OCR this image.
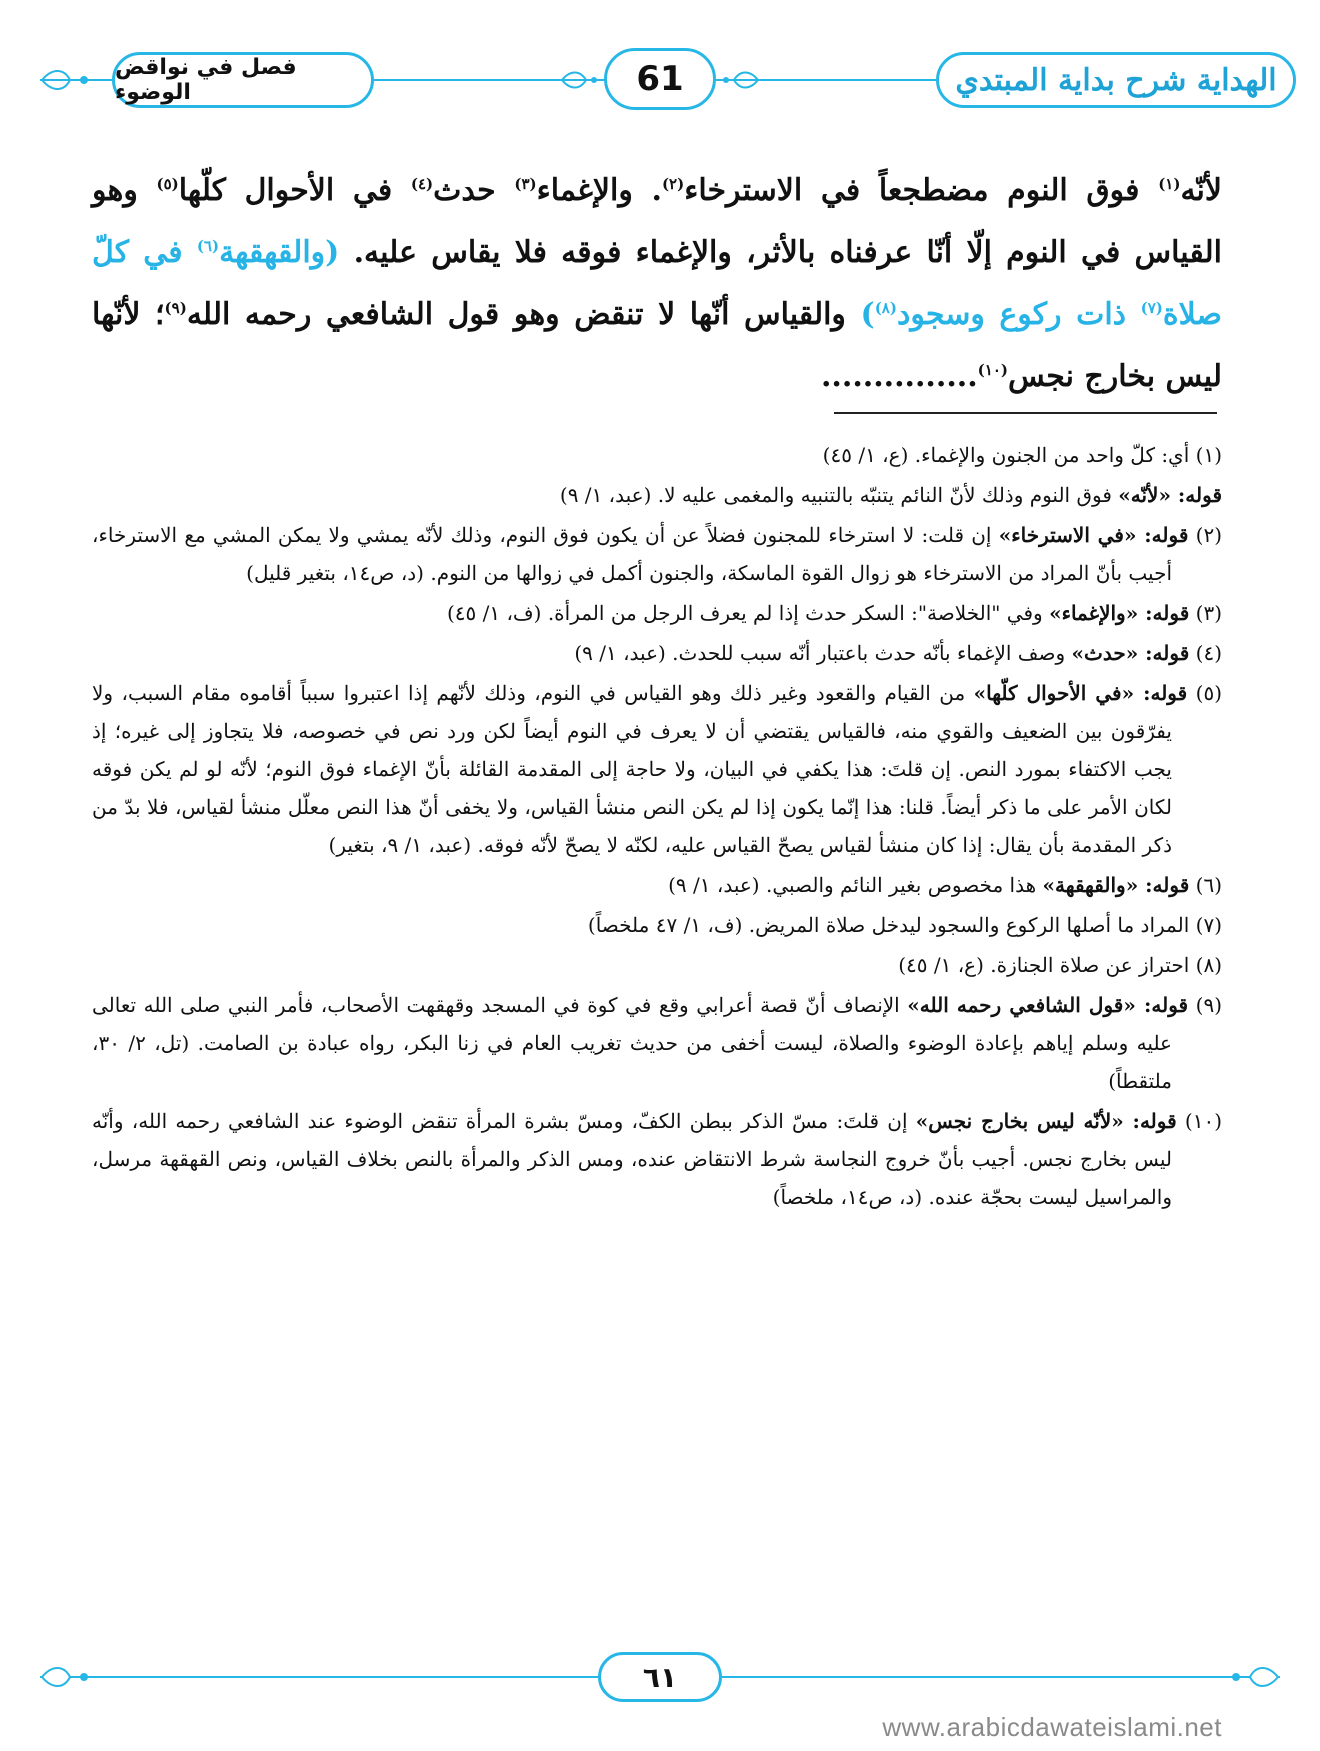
الهداية شرح بداية المبتدي
61
فصل في نواقض الوضوء

لأنّه$^{(١)}$ فوق النوم مضطجعاً في الاسترخاء$^{(٢)}$. والإغماء$^{(٣)}$ حدث$^{(٤)}$ في الأحوال كلّها$^{(٥)}$ وهو القياس في النوم إلّا أنّا عرفناه بالأثر، والإغماء فوقه فلا يقاس عليه. (والقهقهة$^{(٦)}$ في كلّ صلاة$^{(٧)}$ ذات ركوع وسجود$^{(٨)}$) والقياس أنّها لا تنقض وهو قول الشافعي رحمه الله$^{(٩)}$؛ لأنّها ليس بخارج نجس$^{(١٠)}$...............

(١) أي: كلّ واحد من الجنون والإغماء. (ع، ١/ ٤٥)

قوله: «لأنّه» فوق النوم وذلك لأنّ النائم يتنبّه بالتنبيه والمغمى عليه لا. (عبد، ١/ ٩)

(٢) قوله: «في الاسترخاء» إن قلت: لا استرخاء للمجنون فضلاً عن أن يكون فوق النوم، وذلك لأنّه يمشي ولا يمكن المشي مع الاسترخاء، أجيب بأنّ المراد من الاسترخاء هو زوال القوة الماسكة، والجنون أكمل في زوالها من النوم. (د، ص١٤، بتغير قليل)

(٣) قوله: «والإغماء» وفي "الخلاصة": السكر حدث إذا لم يعرف الرجل من المرأة. (ف، ١/ ٤٥)

(٤) قوله: «حدث» وصف الإغماء بأنّه حدث باعتبار أنّه سبب للحدث. (عبد، ١/ ٩)

(٥) قوله: «في الأحوال كلّها» من القيام والقعود وغير ذلك وهو القياس في النوم، وذلك لأنّهم إذا اعتبروا سبباً أقاموه مقام السبب، ولا يفرّقون بين الضعيف والقوي منه، فالقياس يقتضي أن لا يعرف في النوم أيضاً لكن ورد نص في خصوصه، فلا يتجاوز إلى غيره؛ إذ يجب الاكتفاء بمورد النص. إن قلتَ: هذا يكفي في البيان، ولا حاجة إلى المقدمة القائلة بأنّ الإغماء فوق النوم؛ لأنّه لو لم يكن فوقه لكان الأمر على ما ذكر أيضاً. قلنا: هذا إنّما يكون إذا لم يكن النص منشأ القياس، ولا يخفى أنّ هذا النص معلّل منشأ لقياس، فلا بدّ من ذكر المقدمة بأن يقال: إذا كان منشأ لقياس يصحّ القياس عليه، لكنّه لا يصحّ لأنّه فوقه. (عبد، ١/ ٩، بتغير)

(٦) قوله: «والقهقهة» هذا مخصوص بغير النائم والصبي. (عبد، ١/ ٩)

(٧) المراد ما أصلها الركوع والسجود ليدخل صلاة المريض. (ف، ١/ ٤٧ ملخصاً)

(٨) احتراز عن صلاة الجنازة. (ع، ١/ ٤٥)

(٩) قوله: «قول الشافعي رحمه الله» الإنصاف أنّ قصة أعرابي وقع في كوة في المسجد وقهقهت الأصحاب، فأمر النبي صلى الله تعالى عليه وسلم إياهم بإعادة الوضوء والصلاة، ليست أخفى من حديث تغريب العام في زنا البكر، رواه عبادة بن الصامت. (تل، ٢/ ٣٠، ملتقطاً)

(١٠) قوله: «لأنّه ليس بخارج نجس» إن قلتَ: مسّ الذكر ببطن الكفّ، ومسّ بشرة المرأة تنقض الوضوء عند الشافعي رحمه الله، وأنّه ليس بخارج نجس. أجيب بأنّ خروج النجاسة شرط الانتقاض عنده، ومس الذكر والمرأة بالنص بخلاف القياس، ونص القهقهة مرسل، والمراسيل ليست بحجّة عنده. (د، ص١٤، ملخصاً)

٦١
www.arabicdawateislami.net
